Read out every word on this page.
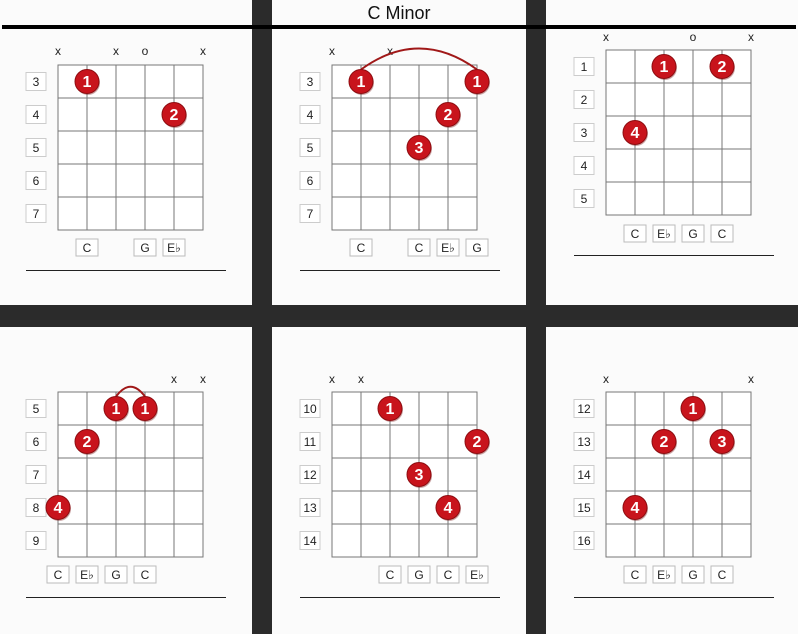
C Minor
3
4
5
6
7
x	x o	x
1
2
C	G E♭
3
4
5
6
7
x	x
1	1
2
3
C	C E♭ G
1
2
3
4
5
x	o	x
1	2
4
C E♭ G C
5
6
7
8
9
x x
1 1
2
4
C E♭ G C
10
11
12
13
14
x x
1
2
3
4
C G C E♭
12
13
14
15
16
x	x
1
2	3
4
C E♭ G C
